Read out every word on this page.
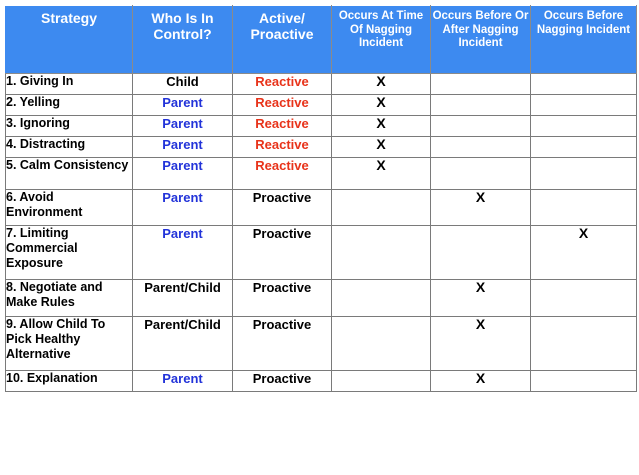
Strategy	Who Is In Control?	Active/ Proactive	Occurs At Time Of Nagging Incident	Occurs Before Or After Nagging Incident	Occurs Before Nagging Incident
1. Giving In	Child	Reactive	X		
2. Yelling	Parent	Reactive	X		
3. Ignoring	Parent	Reactive	X		
4. Distracting	Parent	Reactive	X		
5. Calm Consistency	Parent	Reactive	X		
6. Avoid Environment	Parent	Proactive		X	
7. Limiting Commercial Exposure	Parent	Proactive			X
8. Negotiate and Make Rules	Parent/Child	Proactive		X	
9. Allow Child To Pick Healthy Alternative	Parent/Child	Proactive		X	
10. Explanation	Parent	Proactive		X	
